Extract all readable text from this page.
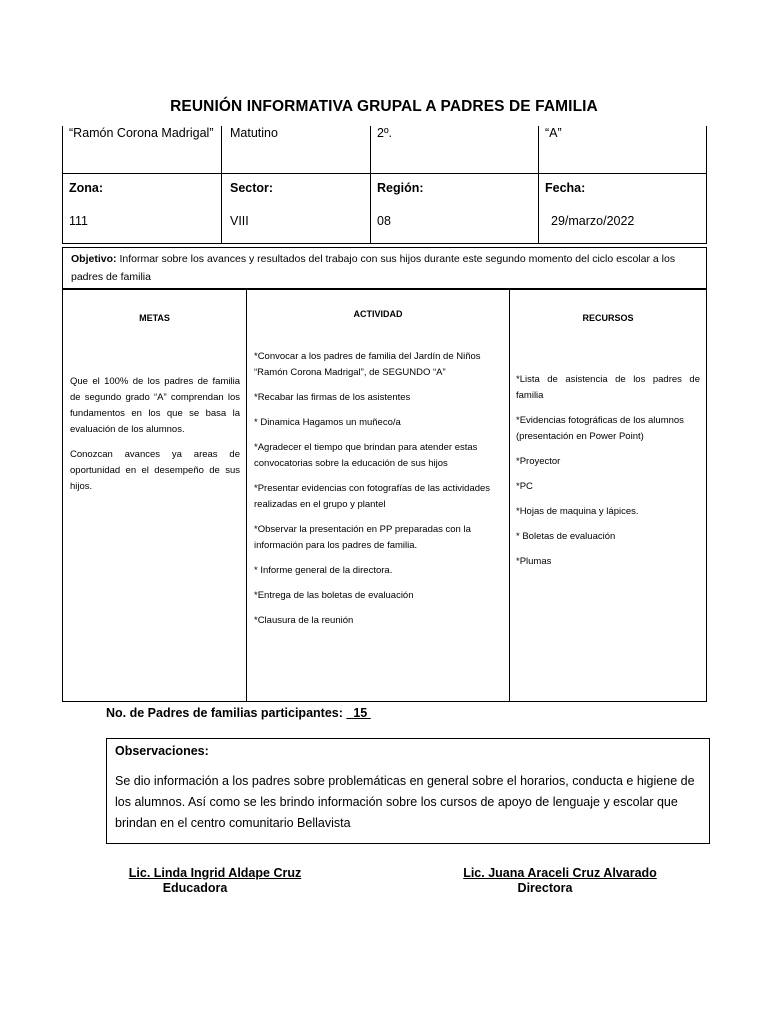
REUNIÓN INFORMATIVA GRUPAL A PADRES DE FAMILIA
“Ramón Corona Madrigal” Matutino	2º.	“A”
Zona:
111
Sector:
VIII
Región:
08
Fecha:
29/marzo/2022
Objetivo: Informar sobre los avances y resultados del trabajo con sus hijos durante este segundo momento del ciclo escolar a los padres de familia
METAS

Que el 100% de los padres de familia de segundo grado “A” comprendan los fundamentos en los que se basa la evaluación de los alumnos.

Conozcan avances ya areas de oportunidad en el desempeño de sus hijos.

ACTIVIDAD

*Convocar a los padres de familia del Jardín de Niños “Ramón Corona Madrigal”, de SEGUNDO “A”

*Recabar las firmas de los asistentes

* Dinamica Hagamos un muñeco/a

*Agradecer el tiempo que brindan para atender estas convocatorias sobre la educación de sus hijos

*Presentar evidencias con fotografías de las actividades realizadas en el grupo y plantel

*Observar la presentación en PP preparadas con la información para los padres de familia.

* Informe general de la directora.

*Entrega de las boletas de evaluación

*Clausura de la reunión

RECURSOS

*Lista de asistencia de los padres de familia

*Evidencias fotográficas de los alumnos (presentación en Power Point)

*Proyector

*PC

*Hojas de maquina y lápices.

* Boletas de evaluación

*Plumas

No. de Padres de familias participantes: 15
Observaciones:
Se dio información a los padres sobre problemáticas en general sobre el horarios, conducta e higiene de los alumnos. Así como se les brindo información sobre los cursos de apoyo de lenguaje y escolar que brindan en el centro comunitario Bellavista
Lic. Linda Ingrid Aldape Cruz
Educadora
Lic. Juana Araceli Cruz Alvarado
Directora
